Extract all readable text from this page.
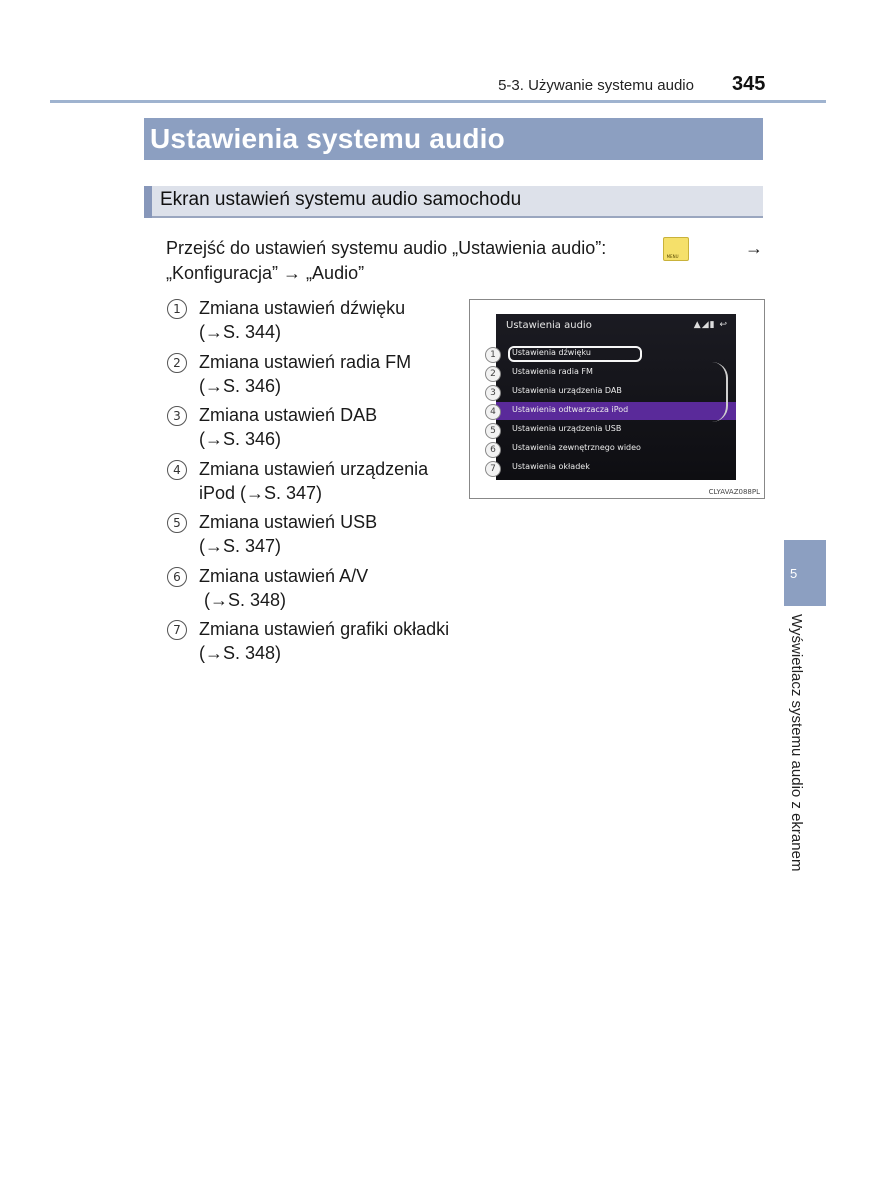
5-3. Używanie systemu audio 345
Ustawienia systemu audio
Ekran ustawień systemu audio samochodu
Przejść do ustawień systemu audio „Ustawienia audio”:	MENU	→
„Konfiguracja” → „Audio”
1	Zmiana ustawień dźwięku
(→S. 344)
2	Zmiana ustawień radia FM
(→S. 346)
3	Zmiana ustawień DAB
(→S. 346)
4	Zmiana ustawień urządzenia
iPod (→S. 347)
5	Zmiana ustawień USB
(→S. 347)
6	Zmiana ustawień A/V
(→S. 348)
7	Zmiana ustawień grafiki okładki
(→S. 348)
Ustawienia audio	▲◢▮ ↩
1	Ustawienia dźwięku
2	Ustawienia radia FM
3	Ustawienia urządzenia DAB
4	Ustawienia odtwarzacza iPod
5	Ustawienia urządzenia USB
6	Ustawienia zewnętrznego wideo
7	Ustawienia okładek
CLYAVAZ088PL
5
Wyświetlacz systemu audio z ekranem
